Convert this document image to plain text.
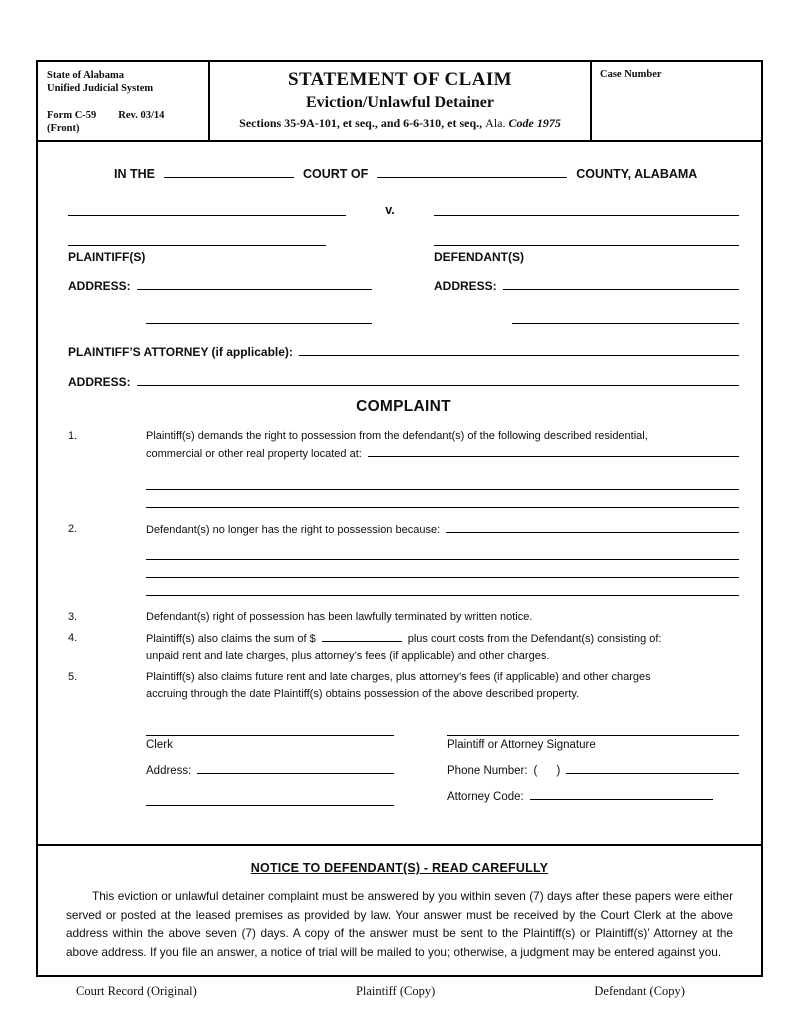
State of Alabama
Unified Judicial System
Form C-59 Rev. 03/14
(Front)
STATEMENT OF CLAIM
Eviction/Unlawful Detainer
Sections 35-9A-101, et seq., and 6-6-310, et seq., Ala. Code 1975
Case Number
IN THE	COURT OF	COUNTY, ALABAMA
PLAINTIFF(S)
ADDRESS:
v.
DEFENDANT(S)
ADDRESS:
PLAINTIFF’S ATTORNEY (if applicable):
ADDRESS:
COMPLAINT
1.	Plaintiff(s) demands the right to possession from the defendant(s) of the following described residential,
commercial or other real property located at:
2.	Defendant(s) no longer has the right to possession because:
3.	Defendant(s) right of possession has been lawfully terminated by written notice.
4.	Plaintiff(s) also claims the sum of $	plus court costs from the Defendant(s) consisting of:
unpaid rent and late charges, plus attorney’s fees (if applicable) and other charges.
5.	Plaintiff(s) also claims future rent and late charges, plus attorney’s fees (if applicable) and other charges
accruing through the date Plaintiff(s) obtains possession of the above described property.
Clerk
Address:
Plaintiff or Attorney Signature
Phone Number: (      )
Attorney Code:
NOTICE TO DEFENDANT(S) - READ CAREFULLY

This eviction or unlawful detainer complaint must be answered by you within seven (7) days after these papers were either served or posted at the leased premises as provided by law. Your answer must be received by the Court Clerk at the above address within the above seven (7) days. A copy of the answer must be sent to the Plaintiff(s) or Plaintiff(s)’ Attorney at the above address. If you file an answer, a notice of trial will be mailed to you; otherwise, a judgment may be entered against you.

Court Record (Original)	Plaintiff (Copy)	Defendant (Copy)
